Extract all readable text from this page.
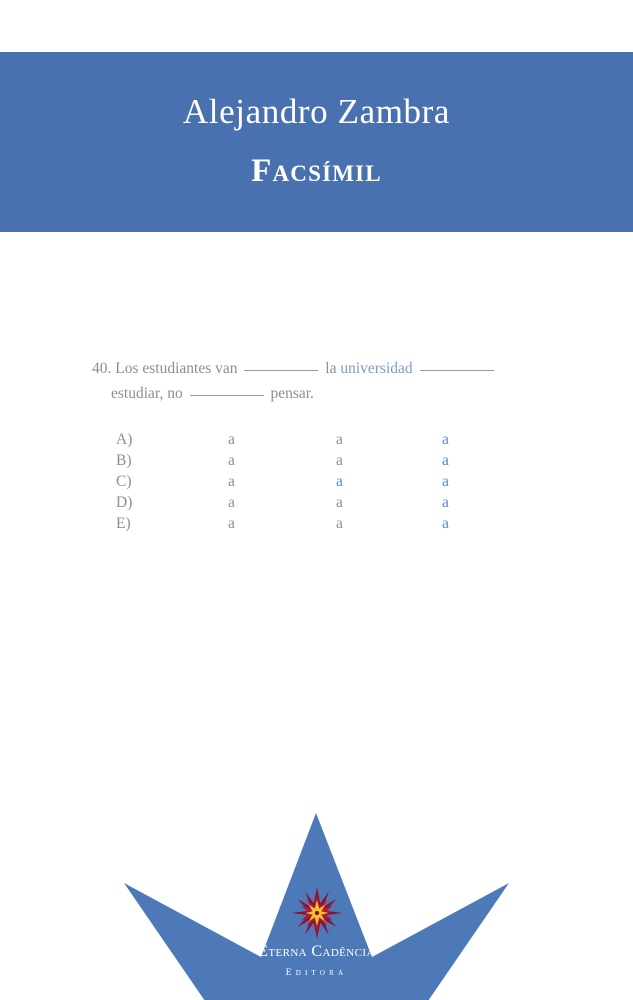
Alejandro Zambra
Facsímil
40. Los estudiantes van	la universidad
estudiar, no	pensar.
A)	a	a	a
B)	a	a	a
C)	a	a	a
D)	a	a	a
E)	a	a	a
Eterna Cadência
Editora
